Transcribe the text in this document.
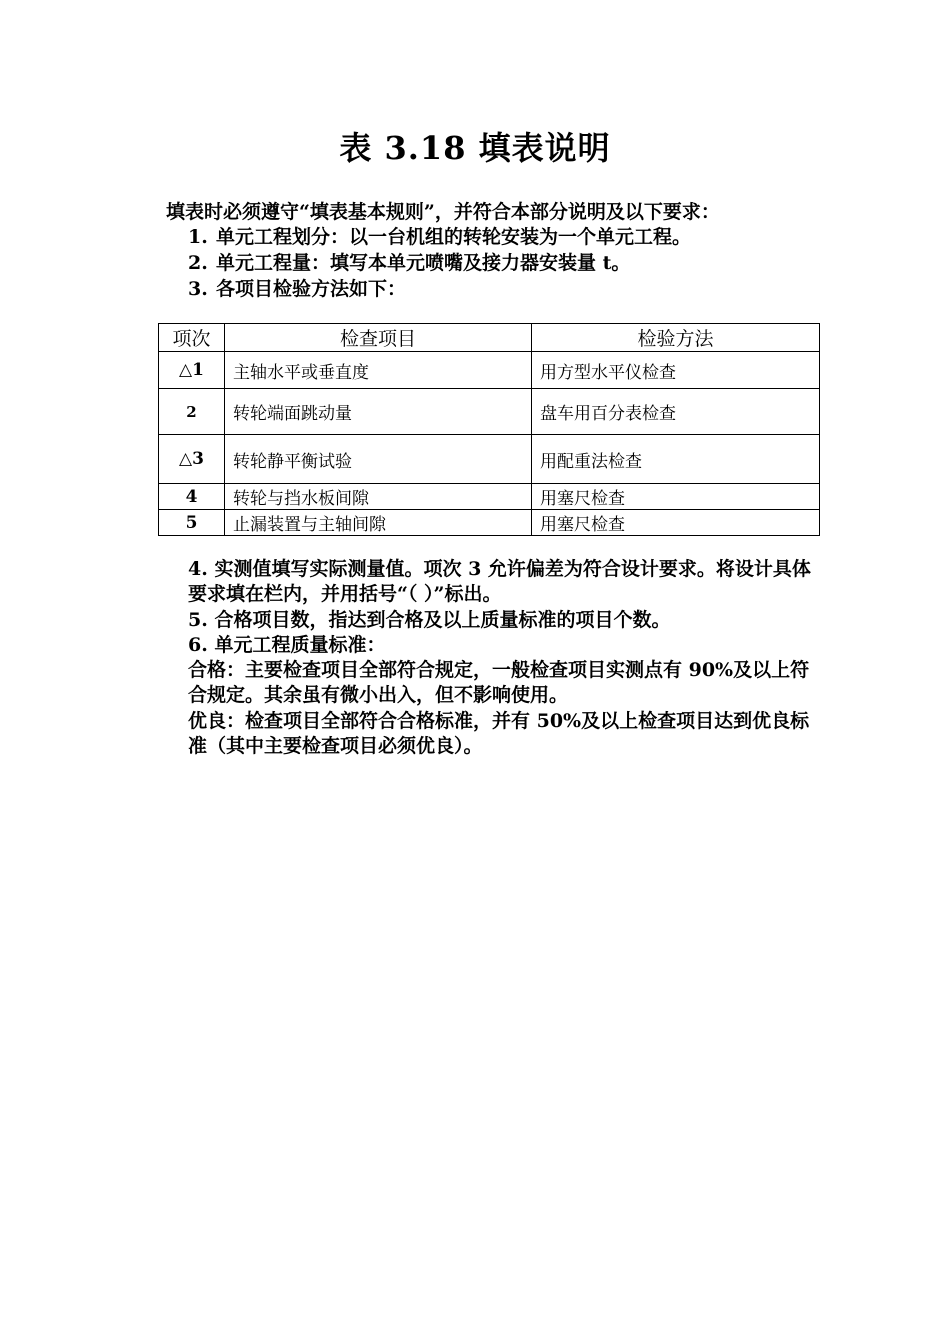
表 3.18 填表说明
填表时必须遵守“填表基本规则”，并符合本部分说明及以下要求：
1. 单元工程划分：以一台机组的转轮安装为一个单元工程。
2. 单元工程量：填写本单元喷嘴及接力器安装量 t。
3. 各项目检验方法如下：
项次	检查项目	检验方法
△1	主轴水平或垂直度	用方型水平仪检查
2	转轮端面跳动量	盘车用百分表检查
△3	转轮静平衡试验	用配重法检查
4	转轮与挡水板间隙	用塞尺检查
5	止漏装置与主轴间隙	用塞尺检查

4. 实测值填写实际测量值。项次 3 允许偏差为符合设计要求。将设计具体要求填在栏内，并用括号“（ ）”标出。

5. 合格项目数，指达到合格及以上质量标准的项目个数。

6. 单元工程质量标准：

合格：主要检查项目全部符合规定，一般检查项目实测点有 90%及以上符合规定。其余虽有微小出入，但不影响使用。

优良：检查项目全部符合合格标准，并有 50%及以上检查项目达到优良标准（其中主要检查项目必须优良）。
